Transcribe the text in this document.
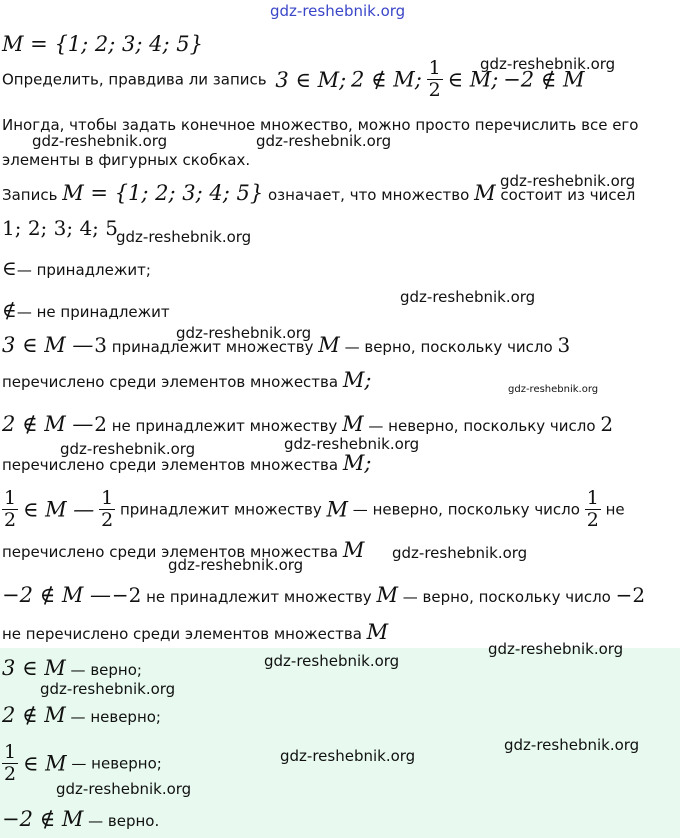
gdz-reshebnik.org
M = {1; 2; 3; 4; 5}
Определить, правдива ли запись 3 ∈ M; 2 ∉ M; $\frac{1}{2}$ ∈ M; −2 ∉ M
Иногда, чтобы задать конечное множество, можно просто перечислить все его
элементы в фигурных скобках.
Запись M = {1; 2; 3; 4; 5} означает, что множество M состоит из чисел
1; 2; 3; 4; 5
∈— принадлежит;
∉— не принадлежит
3 ∈ M — 3 принадлежит множеству M — верно, поскольку число 3
перечислено среди элементов множества M;
2 ∉ M — 2 не принадлежит множеству M — неверно, поскольку число 2
перечислено среди элементов множества M;
$\frac{1}{2}$ ∈ M — $\frac{1}{2}$ принадлежит множеству M — неверно, поскольку число $\frac{1}{2}$ не
перечислено среди элементов множества M
−2 ∉ M — −2 не принадлежит множеству M — верно, поскольку число −2
не перечислено среди элементов множества M
3 ∈ M — верно;
2 ∉ M — неверно;
$\frac{1}{2}$ ∈ M — неверно;
−2 ∉ M — верно.
gdz-reshebnik.org
gdz-reshebnik.org	gdz-reshebnik.org
gdz-reshebnik.org
gdz-reshebnik.org
gdz-reshebnik.org
gdz-reshebnik.org
gdz-reshebnik.org
gdz-reshebnik.org	gdz-reshebnik.org
gdz-reshebnik.org
gdz-reshebnik.org
gdz-reshebnik.org
gdz-reshebnik.org
gdz-reshebnik.org
gdz-reshebnik.org
gdz-reshebnik.org
gdz-reshebnik.org
